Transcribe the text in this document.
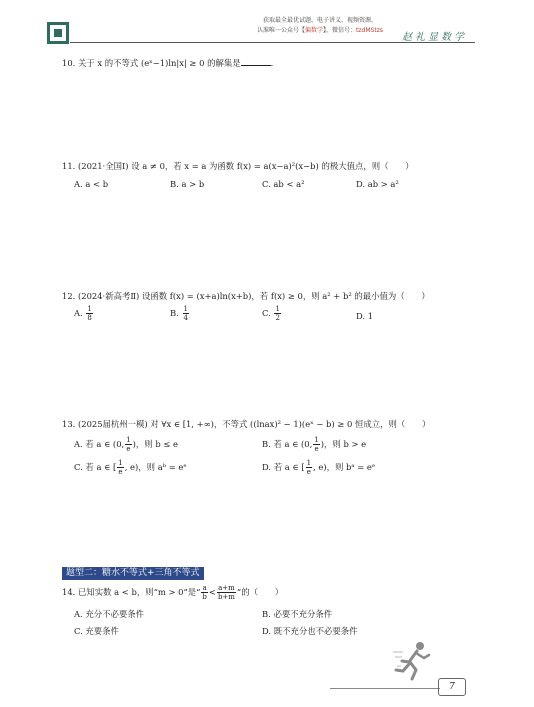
获取最全最优试题、电子讲义、视频资源，
认准唯一公众号【偏数学】，微信号：tzdMStzs
赵礼显数学
10. 关于 x 的不等式 (eˣ−1)ln|x| ≥ 0 的解集是	.
11. (2021·全国Ⅰ) 设 a ≠ 0，若 x = a 为函数 f(x) = a(x−a)²(x−b) 的极大值点，则（　　）
A. a < b	B. a > b	C. ab < a²	D. ab > a²
12. (2024·新高考Ⅱ) 设函数 f(x) = (x+a)ln(x+b)，若 f(x) ≥ 0，则 a² + b² 的最小值为（　　）
A. $\frac{1}{8}$	B. $\frac{1}{4}$	C. $\frac{1}{2}$	D. 1
13. (2025届杭州一模) 对 ∀x ∈ [1, +∞)，不等式 ((lnax)² − 1)(eˣ − b) ≥ 0 恒成立，则（　　）
A. 若 a ∈ (0, $\frac{1}{e}$ )，则 b ≤ e	B. 若 a ∈ (0, $\frac{1}{e}$ )，则 b > e
C. 若 a ∈ [ $\frac{1}{e}$ , e)，则 aᵇ = eᵉ	D. 若 a ∈ [ $\frac{1}{e}$ , e)，则 bᵃ = eᵉ
题型二：糖水不等式+三角不等式
14. 已知实数 a < b，则“m > 0”是“ $\frac{a}{b} < \frac{a+m}{b+m}$ ”的（　　）
A. 充分不必要条件	B. 必要不充分条件
C. 充要条件	D. 既不充分也不必要条件
7
